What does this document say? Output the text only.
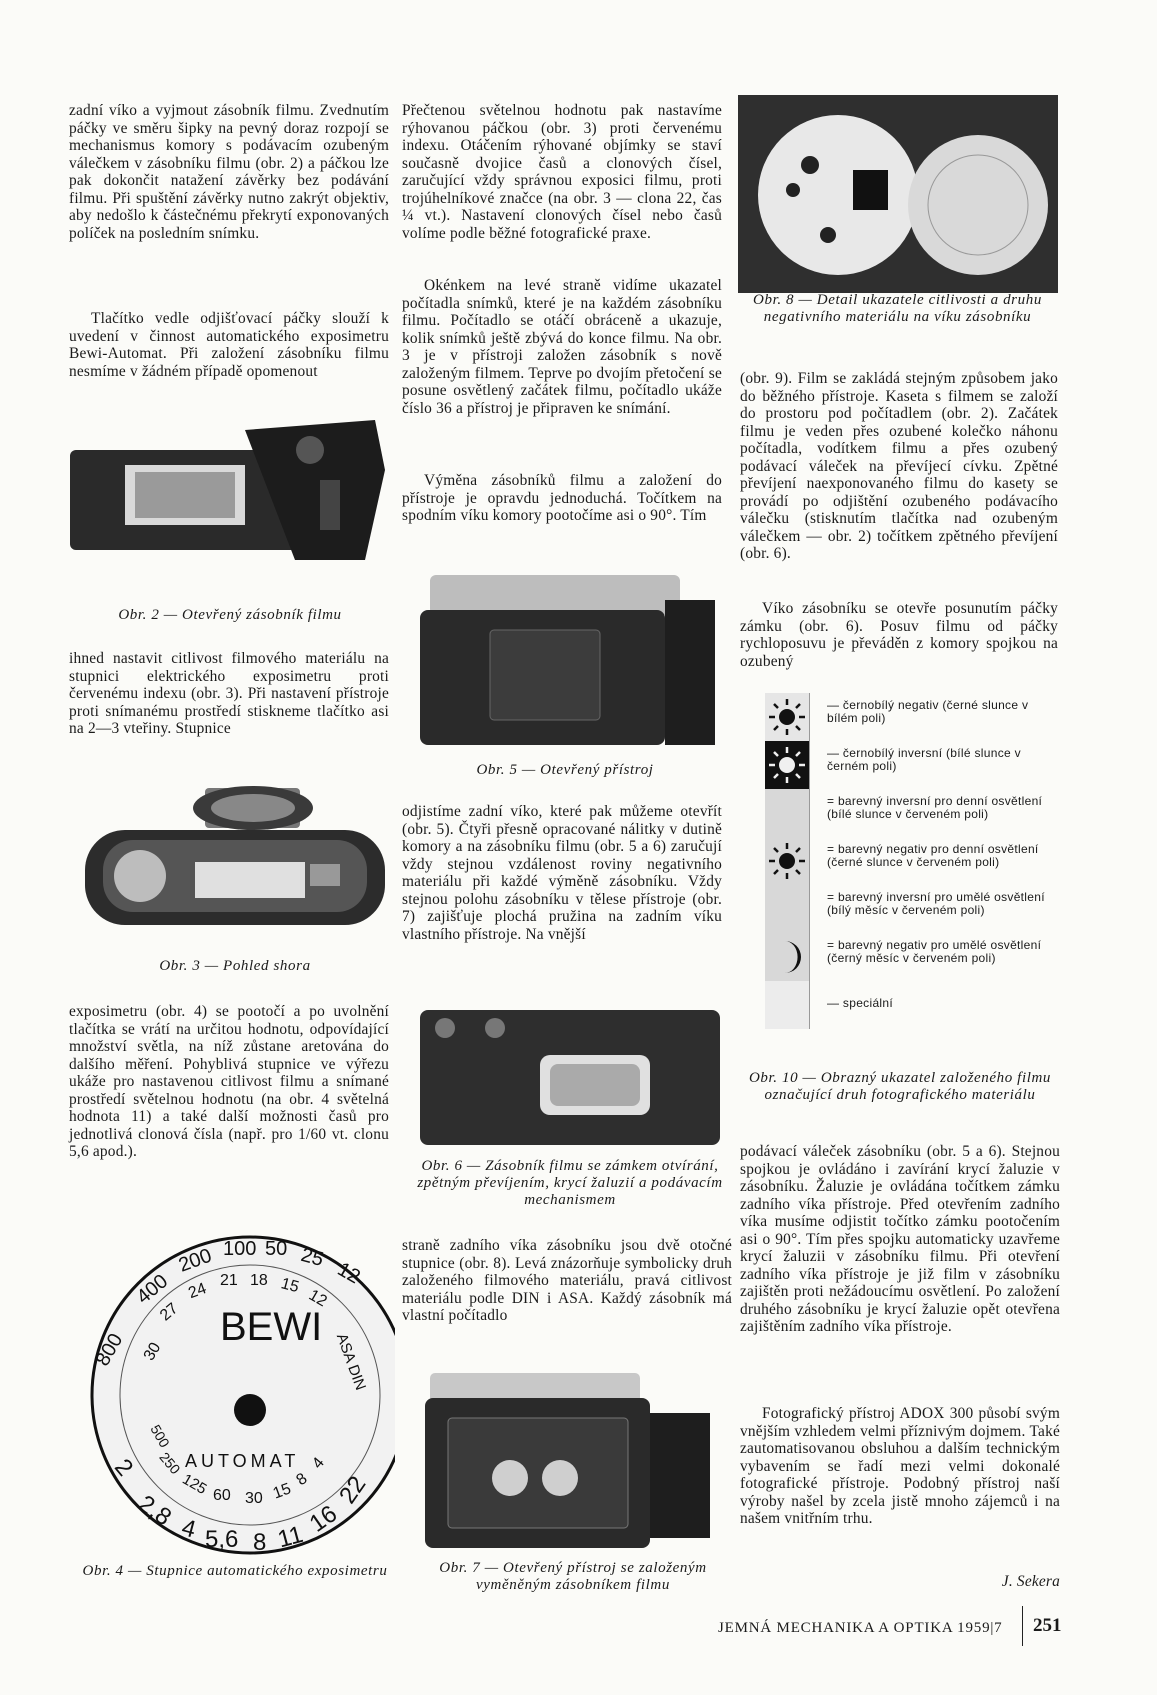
zadní víko a vyjmout zásobník filmu. Zvednutím páčky ve směru šipky na pevný doraz rozpojí se mechanismus komory s podávacím ozubeným válečkem v zásobníku filmu (obr. 2) a páčkou lze pak dokončit natažení závěrky bez podávání filmu. Při spuštění závěrky nutno zakrýt objektiv, aby nedošlo k částečnému překrytí exponovaných políček na posledním snímku.

Tlačítko vedle odjišťovací páčky slouží k uvedení v činnost automatického exposimetru Bewi-Automat. Při založení zásobníku filmu nesmíme v žádném případě opomenout

Obr. 2 — Otevřený zásobník filmu

ihned nastavit citlivost filmového materiálu na stupnici elektrického exposimetru proti červenému indexu (obr. 3). Při nastavení přístroje proti snímanému prostředí stiskneme tlačítko asi na 2—3 vteřiny. Stupnice

Obr. 3 — Pohled shora

exposimetru (obr. 4) se pootočí a po uvolnění tlačítka se vrátí na určitou hodnotu, odpovídající množství světla, na níž zůstane aretována do dalšího měření. Pohyblivá stupnice ve výřezu ukáže pro nastavenou citlivost filmu a snímané prostředí světelnou hodnotu (na obr. 4 světelná hodnota 11) a také další možnosti časů pro jednotlivá clonová čísla (např. pro 1/60 vt. clonu 5,6 apod.).

BEWI
AUTOMAT
800
400
200 100 50 25
12
30
27
24 21 18 15
12
ASA DIN
500
250
125 60 30 15
8
4
2
2,8 4 5,6 8 11
16
22
Obr. 4 — Stupnice automatického exposimetru

Přečtenou světelnou hodnotu pak nastavíme rýhovanou páčkou (obr. 3) proti červenému indexu. Otáčením rýhované objímky se staví současně dvojice časů a clonových čísel, zaručující vždy správnou exposici filmu, proti trojúhelníkové značce (na obr. 3 — clona 22, čas ¼ vt.). Nastavení clonových čísel nebo časů volíme podle běžné fotografické praxe.

Okénkem na levé straně vidíme ukazatel počítadla snímků, které je na každém zásobníku filmu. Počítadlo se otáčí obráceně a ukazuje, kolik snímků ještě zbývá do konce filmu. Na obr. 3 je v přístroji založen zásobník s nově založeným filmem. Teprve po dvojím přetočení se posune osvětlený začátek filmu, počítadlo ukáže číslo 36 a přístroj je připraven ke snímání.

Výměna zásobníků filmu a založení do přístroje je opravdu jednoduchá. Točítkem na spodním víku komory pootočíme asi o 90°. Tím

Obr. 5 — Otevřený přístroj

odjistíme zadní víko, které pak můžeme otevřít (obr. 5). Čtyři přesně opracované nálitky v dutině komory a na zásobníku filmu (obr. 5 a 6) zaručují vždy stejnou vzdálenost roviny negativního materiálu při každé výměně zásobníku. Vždy stejnou polohu zásobníku v tělese přístroje (obr. 7) zajišťuje plochá pružina na zadním víku vlastního přístroje. Na vnější

Obr. 6 — Zásobník filmu se zámkem otvírání, zpětným převíjením, krycí žaluzií a podávacím mechanismem

straně zadního víka zásobníku jsou dvě otočné stupnice (obr. 8). Levá znázorňuje symbolicky druh založeného filmového materiálu, pravá citlivost materiálu podle DIN i ASA. Každý zásobník má vlastní počítadlo

Obr. 7 — Otevřený přístroj se založeným vyměněným zásobníkem filmu
Obr. 8 — Detail ukazatele citlivosti a druhu negativního materiálu na víku zásobníku

(obr. 9). Film se zakládá stejným způsobem jako do běžného přístroje. Kaseta s filmem se založí do prostoru pod počítadlem (obr. 2). Začátek filmu je veden přes ozubené kolečko náhonu počítadla, vodítkem filmu a přes ozubený podávací váleček na převíjecí cívku. Zpětné převíjení naexponovaného filmu do kasety se provádí po odjištění ozubeného podávacího válečku (stisknutím tlačítka nad ozubeným válečkem — obr. 2) točítkem zpětného převíjení (obr. 6).

Víko zásobníku se otevře posunutím páčky zámku (obr. 6). Posuv filmu od páčky rychloposuvu je převáděn z komory spojkou na ozubený

— černobílý negativ (černé slunce v bílém poli)
— černobílý inversní (bílé slunce v černém poli)
= barevný inversní pro denní osvětlení (bílé slunce v červeném poli)
= barevný negativ pro denní osvětlení (černé slunce v červeném poli)
= barevný inversní pro umělé osvětlení (bílý měsíc v červeném poli)
= barevný negativ pro umělé osvětlení (černý měsíc v červeném poli)
— speciální
Obr. 10 — Obrazný ukazatel založeného filmu označující druh fotografického materiálu

podávací váleček zásobníku (obr. 5 a 6). Stejnou spojkou je ovládáno i zavírání krycí žaluzie v zásobníku. Žaluzie je ovládána točítkem zámku zadního víka přístroje. Před otevřením zadního víka musíme odjistit točítko zámku pootočením asi o 90°. Tím přes spojku automaticky uzavřeme krycí žaluzii v zásobníku filmu. Při otevření zadního víka přístroje je již film v zásobníku zajištěn proti nežádoucímu osvětlení. Po založení druhého zásobníku je krycí žaluzie opět otevřena zajištěním zadního víka přístroje.

Fotografický přístroj ADOX 300 působí svým vnějším vzhledem velmi příznivým dojmem. Také zautomatisovanou obsluhou a dalším technickým vybavením se řadí mezi velmi dokonalé fotografické přístroje. Podobný přístroj naší výroby našel by zcela jistě mnoho zájemců i na našem vnitřním trhu.

J. Sekera
JEMNÁ MECHANIKA A OPTIKA 1959|7 251
